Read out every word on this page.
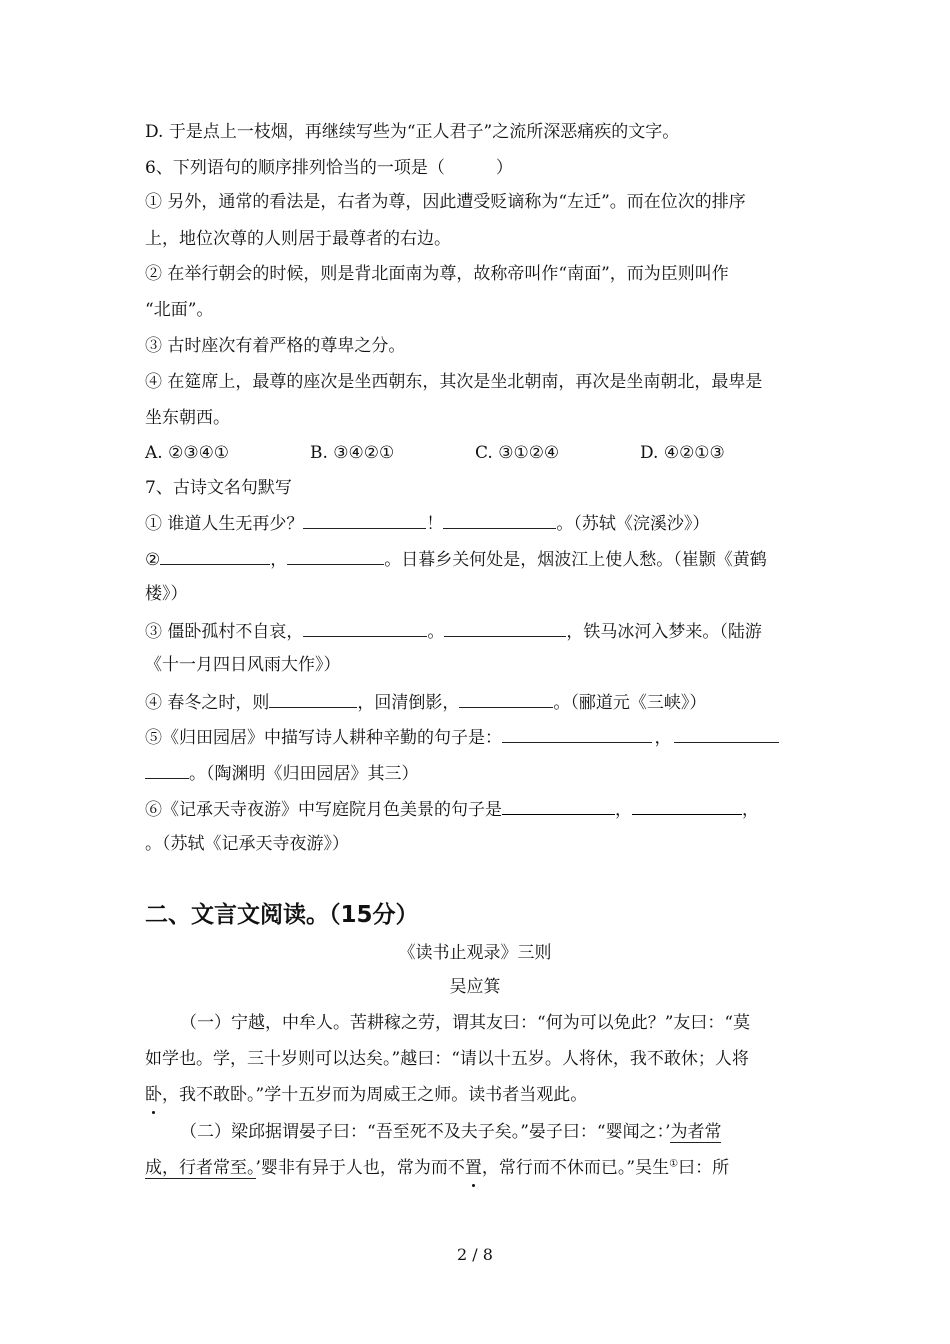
D. 于是点上一枝烟，再继续写些为“正人君子”之流所深恶痛疾的文字。
6、下列语句的顺序排列恰当的一项是（　　　）
① 另外，通常的看法是，右者为尊，因此遭受贬谪称为“左迁”。而在位次的排序
上，地位次尊的人则居于最尊者的右边。
② 在举行朝会的时候，则是背北面南为尊，故称帝叫作“南面”，而为臣则叫作
“北面”。
③ 古时座次有着严格的尊卑之分。
④ 在筵席上，最尊的座次是坐西朝东，其次是坐北朝南，再次是坐南朝北，最卑是
坐东朝西。
A. ②③④①	B. ③④②①	C. ③①②④	D. ④②①③
7、古诗文名句默写
① 谁道人生无再少？	！	。（苏轼《浣溪沙》）
②	，	。日暮乡关何处是，烟波江上使人愁。（崔颢《黄鹤
楼》）
③ 僵卧孤村不自哀，	。	，铁马冰河入梦来。（陆游
《十一月四日风雨大作》）
④ 春冬之时，则	，回清倒影，	。（郦道元《三峡》）
⑤《归田园居》中描写诗人耕种辛勤的句子是：	，
。（陶渊明《归田园居》其三）
⑥《记承天寺夜游》中写庭院月色美景的句子是	，	，
。（苏轼《记承天寺夜游》）
二、文言文阅读。（15分）
《读书止观录》三则
吴应箕
（一）宁越，中牟人。苦耕稼之劳，谓其友曰：“何为可以免此？”友曰：“莫
如学也。学，三十岁则可以达矣。”越曰：“请以十五岁。人将休，我不敢休；人将
卧，我不敢卧。”学十五岁而为周威王之师。读书者当观此。
（二）梁邱据谓晏子曰：“吾至死不及夫子矣。”晏子曰：“婴闻之：’为者常
成，行者常至。’婴非有异于人也，常为而不置，常行而不休而已。”吴生①曰：所
2 / 8
